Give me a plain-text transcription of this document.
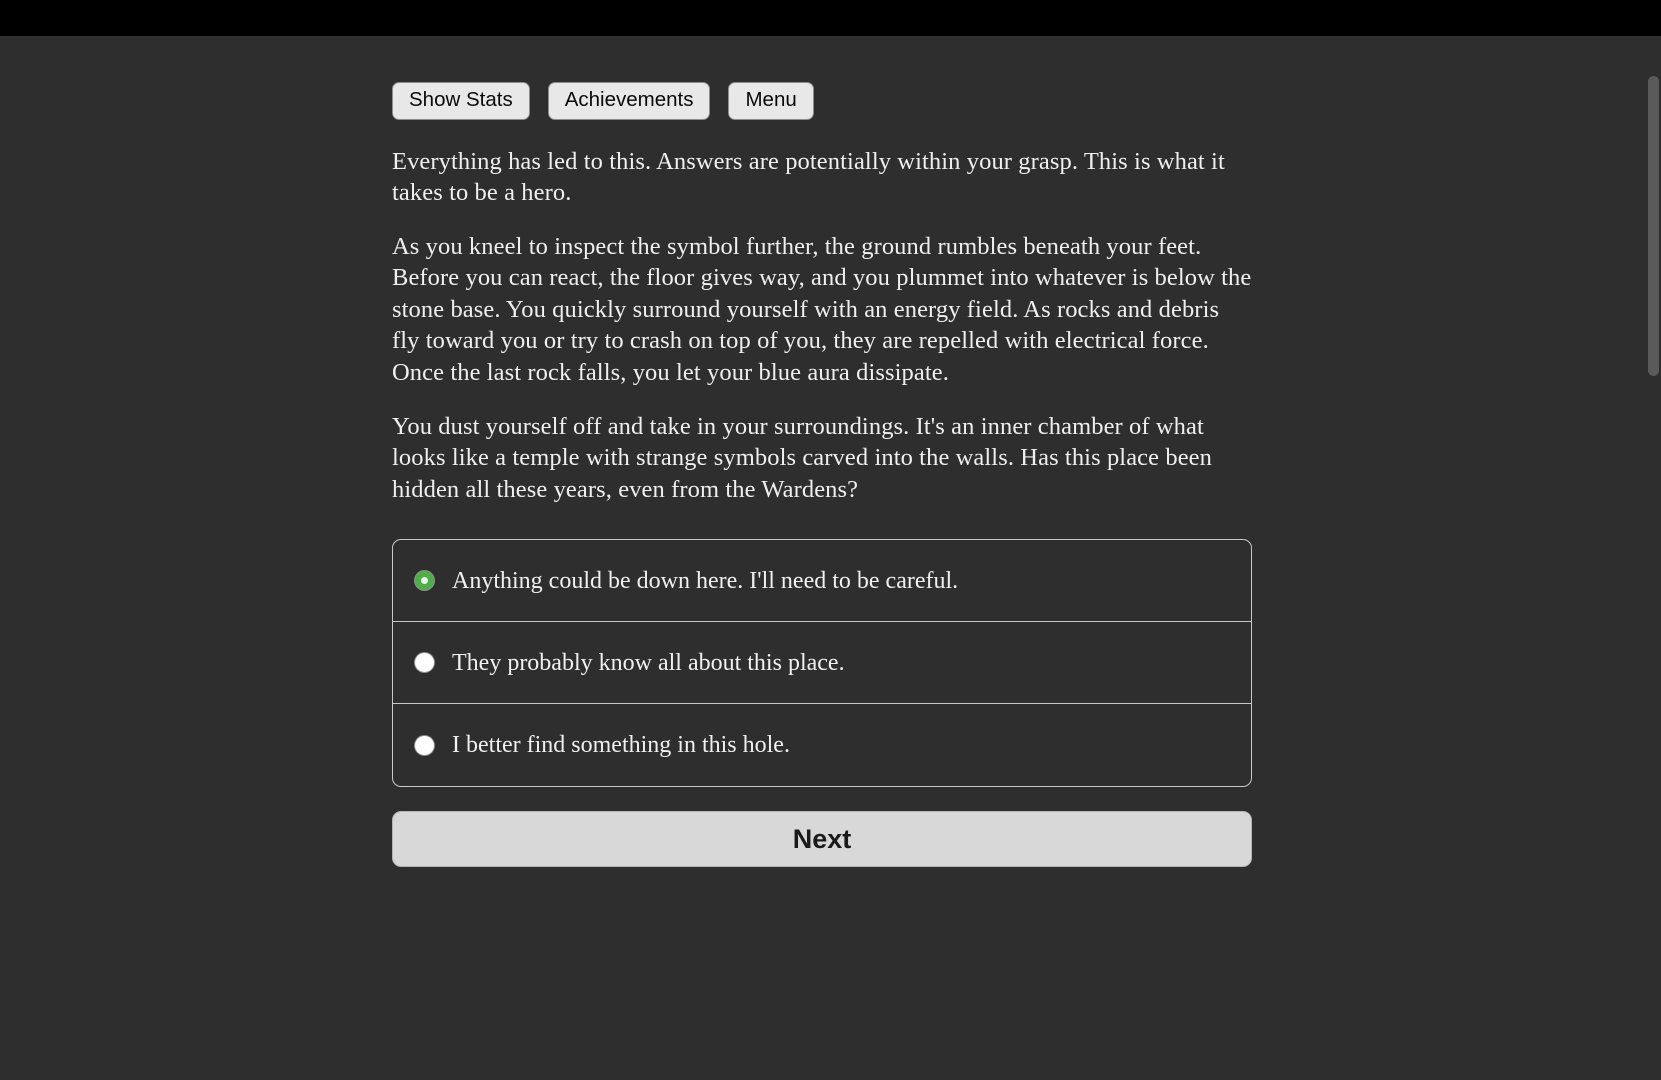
Show Stats	Achievements	Menu

Everything has led to this. Answers are potentially within your grasp. This is what it takes to be a hero.

As you kneel to inspect the symbol further, the ground rumbles beneath your feet. Before you can react, the floor gives way, and you plummet into whatever is below the stone base. You quickly surround yourself with an energy field. As rocks and debris fly toward you or try to crash on top of you, they are repelled with electrical force. Once the last rock falls, you let your blue aura dissipate.

You dust yourself off and take in your surroundings. It's an inner chamber of what looks like a temple with strange symbols carved into the walls. Has this place been hidden all these years, even from the Wardens?

Anything could be down here. I'll need to be careful.
They probably know all about this place.
I better find something in this hole.
Next
